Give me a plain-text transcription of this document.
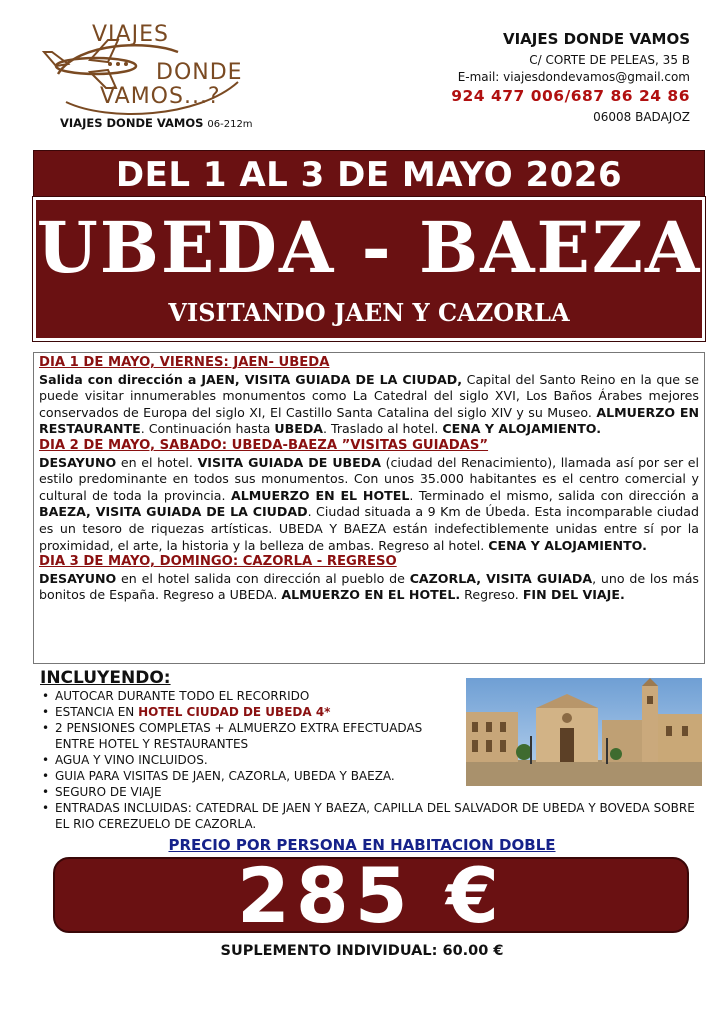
VIAJES
DONDE
VAMOS...?
VIAJES DONDE VAMOS 06-212m
VIAJES DONDE VAMOS
C/ CORTE DE PELEAS, 35 B
E-mail: viajesdondevamos@gmail.com
924 477 006/687 86 24 86
06008 BADAJOZ
DEL 1 AL 3 DE MAYO 2026
UBEDA - BAEZA
VISITANDO JAEN Y CAZORLA
DIA 1 DE MAYO, VIERNES: JAEN- UBEDA

Salida con dirección a JAEN, VISITA GUIADA DE LA CIUDAD, Capital del Santo Reino en la que se puede visitar innumerables monumentos como La Catedral del siglo XVI, Los Baños Árabes mejores conservados de Europa del siglo XI, El Castillo Santa Catalina del siglo XIV y su Museo. ALMUERZO EN RESTAURANTE. Continuación hasta UBEDA. Traslado al hotel. CENA Y ALOJAMIENTO.

DIA 2 DE MAYO, SABADO: UBEDA-BAEZA ”VISITAS GUIADAS”

DESAYUNO en el hotel. VISITA GUIADA DE UBEDA (ciudad del Renacimiento), llamada así por ser el estilo predominante en todos sus monumentos. Con unos 35.000 habitantes es el centro comercial y cultural de toda la provincia. ALMUERZO EN EL HOTEL. Terminado el mismo, salida con dirección a BAEZA, VISITA GUIADA DE LA CIUDAD. Ciudad situada a 9 Km de Úbeda. Esta incomparable ciudad es un tesoro de riquezas artísticas. UBEDA Y BAEZA están indefectiblemente unidas entre sí por la proximidad, el arte, la historia y la belleza de ambas. Regreso al hotel. CENA Y ALOJAMIENTO.

DIA 3 DE MAYO, DOMINGO: CAZORLA - REGRESO

DESAYUNO en el hotel salida con dirección al pueblo de CAZORLA, VISITA GUIADA, uno de los más bonitos de España. Regreso a UBEDA. ALMUERZO EN EL HOTEL. Regreso. FIN DEL VIAJE.

INCLUYENDO:
• AUTOCAR DURANTE TODO EL RECORRIDO
• ESTANCIA EN HOTEL CIUDAD DE UBEDA 4*
• 2 PENSIONES COMPLETAS + ALMUERZO EXTRA EFECTUADAS ENTRE HOTEL Y RESTAURANTES
• AGUA Y VINO INCLUIDOS.
• GUIA PARA VISITAS DE JAEN, CAZORLA, UBEDA Y BAEZA.
• SEGURO DE VIAJE
• ENTRADAS INCLUIDAS: CATEDRAL DE JAEN Y BAEZA, CAPILLA DEL SALVADOR DE UBEDA Y BOVEDA SOBRE EL RIO CEREZUELO DE CAZORLA.
PRECIO POR PERSONA EN HABITACION DOBLE
285 €
SUPLEMENTO INDIVIDUAL: 60.00 €
